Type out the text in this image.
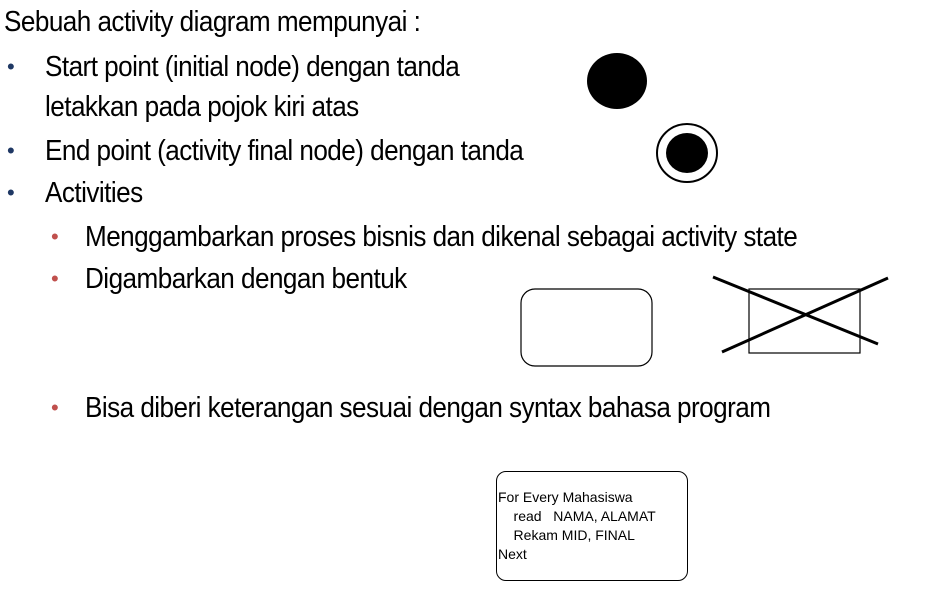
Sebuah activity diagram mempunyai :
• Start point (initial node) dengan tanda
letakkan pada pojok kiri atas
• End point (activity final node) dengan tanda
• Activities
• Menggambarkan proses bisnis dan dikenal sebagai activity state
• Digambarkan dengan bentuk
• Bisa diberi keterangan sesuai dengan syntax bahasa program
For Every Mahasiswa
read   NAMA, ALAMAT
Rekam MID, FINAL
Next
